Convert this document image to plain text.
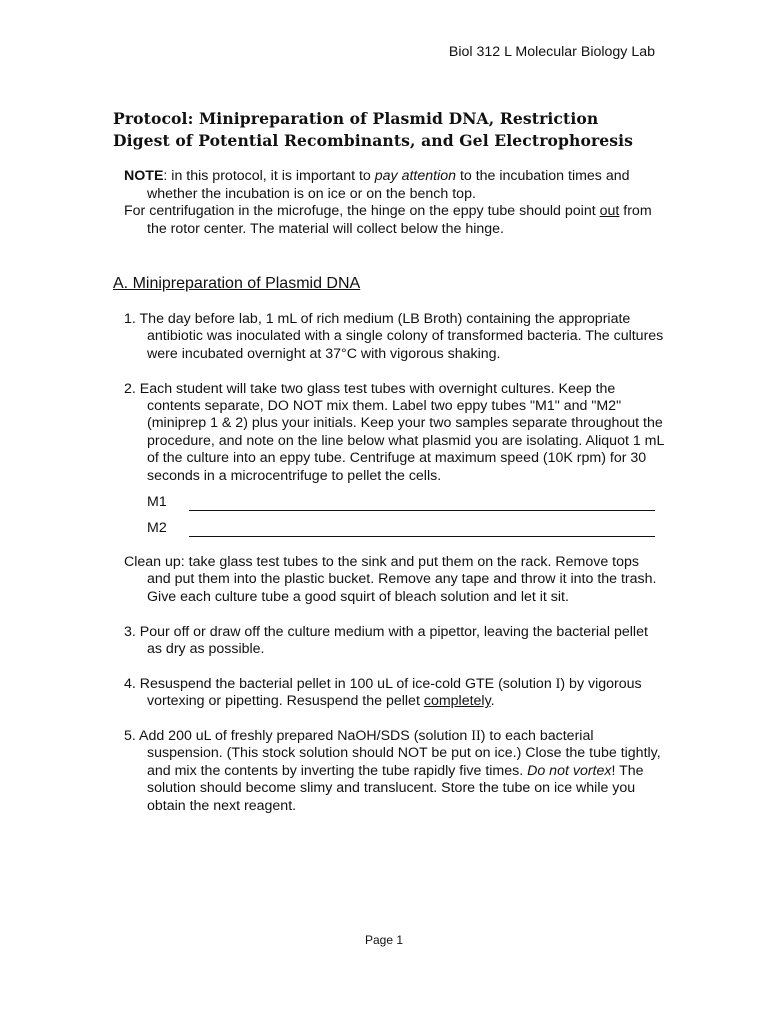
Biol 312 L Molecular Biology Lab
Protocol: Minipreparation of Plasmid DNA, Restriction
Digest of Potential Recombinants, and Gel Electrophoresis

NOTE: in this protocol, it is important to pay attention to the incubation times and whether the incubation is on ice or on the bench top.

For centrifugation in the microfuge, the hinge on the eppy tube should point out from the rotor center. The material will collect below the hinge.

A. Minipreparation of Plasmid DNA

1. The day before lab, 1 mL of rich medium (LB Broth) containing the appropriate antibiotic was inoculated with a single colony of transformed bacteria. The cultures were incubated overnight at 37°C with vigorous shaking.

2. Each student will take two glass test tubes with overnight cultures. Keep the contents separate, DO NOT mix them. Label two eppy tubes "M1" and "M2" (miniprep 1 & 2) plus your initials. Keep your two samples separate throughout the procedure, and note on the line below what plasmid you are isolating. Aliquot 1 mL of the culture into an eppy tube. Centrifuge at maximum speed (10K rpm) for 30 seconds in a microcentrifuge to pellet the cells.

M1
M2

Clean up: take glass test tubes to the sink and put them on the rack. Remove tops and put them into the plastic bucket. Remove any tape and throw it into the trash. Give each culture tube a good squirt of bleach solution and let it sit.

3. Pour off or draw off the culture medium with a pipettor, leaving the bacterial pellet as dry as possible.

4. Resuspend the bacterial pellet in 100 uL of ice-cold GTE (solution I) by vigorous vortexing or pipetting. Resuspend the pellet completely.

5. Add 200 uL of freshly prepared NaOH/SDS (solution II) to each bacterial suspension. (This stock solution should NOT be put on ice.) Close the tube tightly, and mix the contents by inverting the tube rapidly five times. Do not vortex! The solution should become slimy and translucent. Store the tube on ice while you obtain the next reagent.

Page 1
